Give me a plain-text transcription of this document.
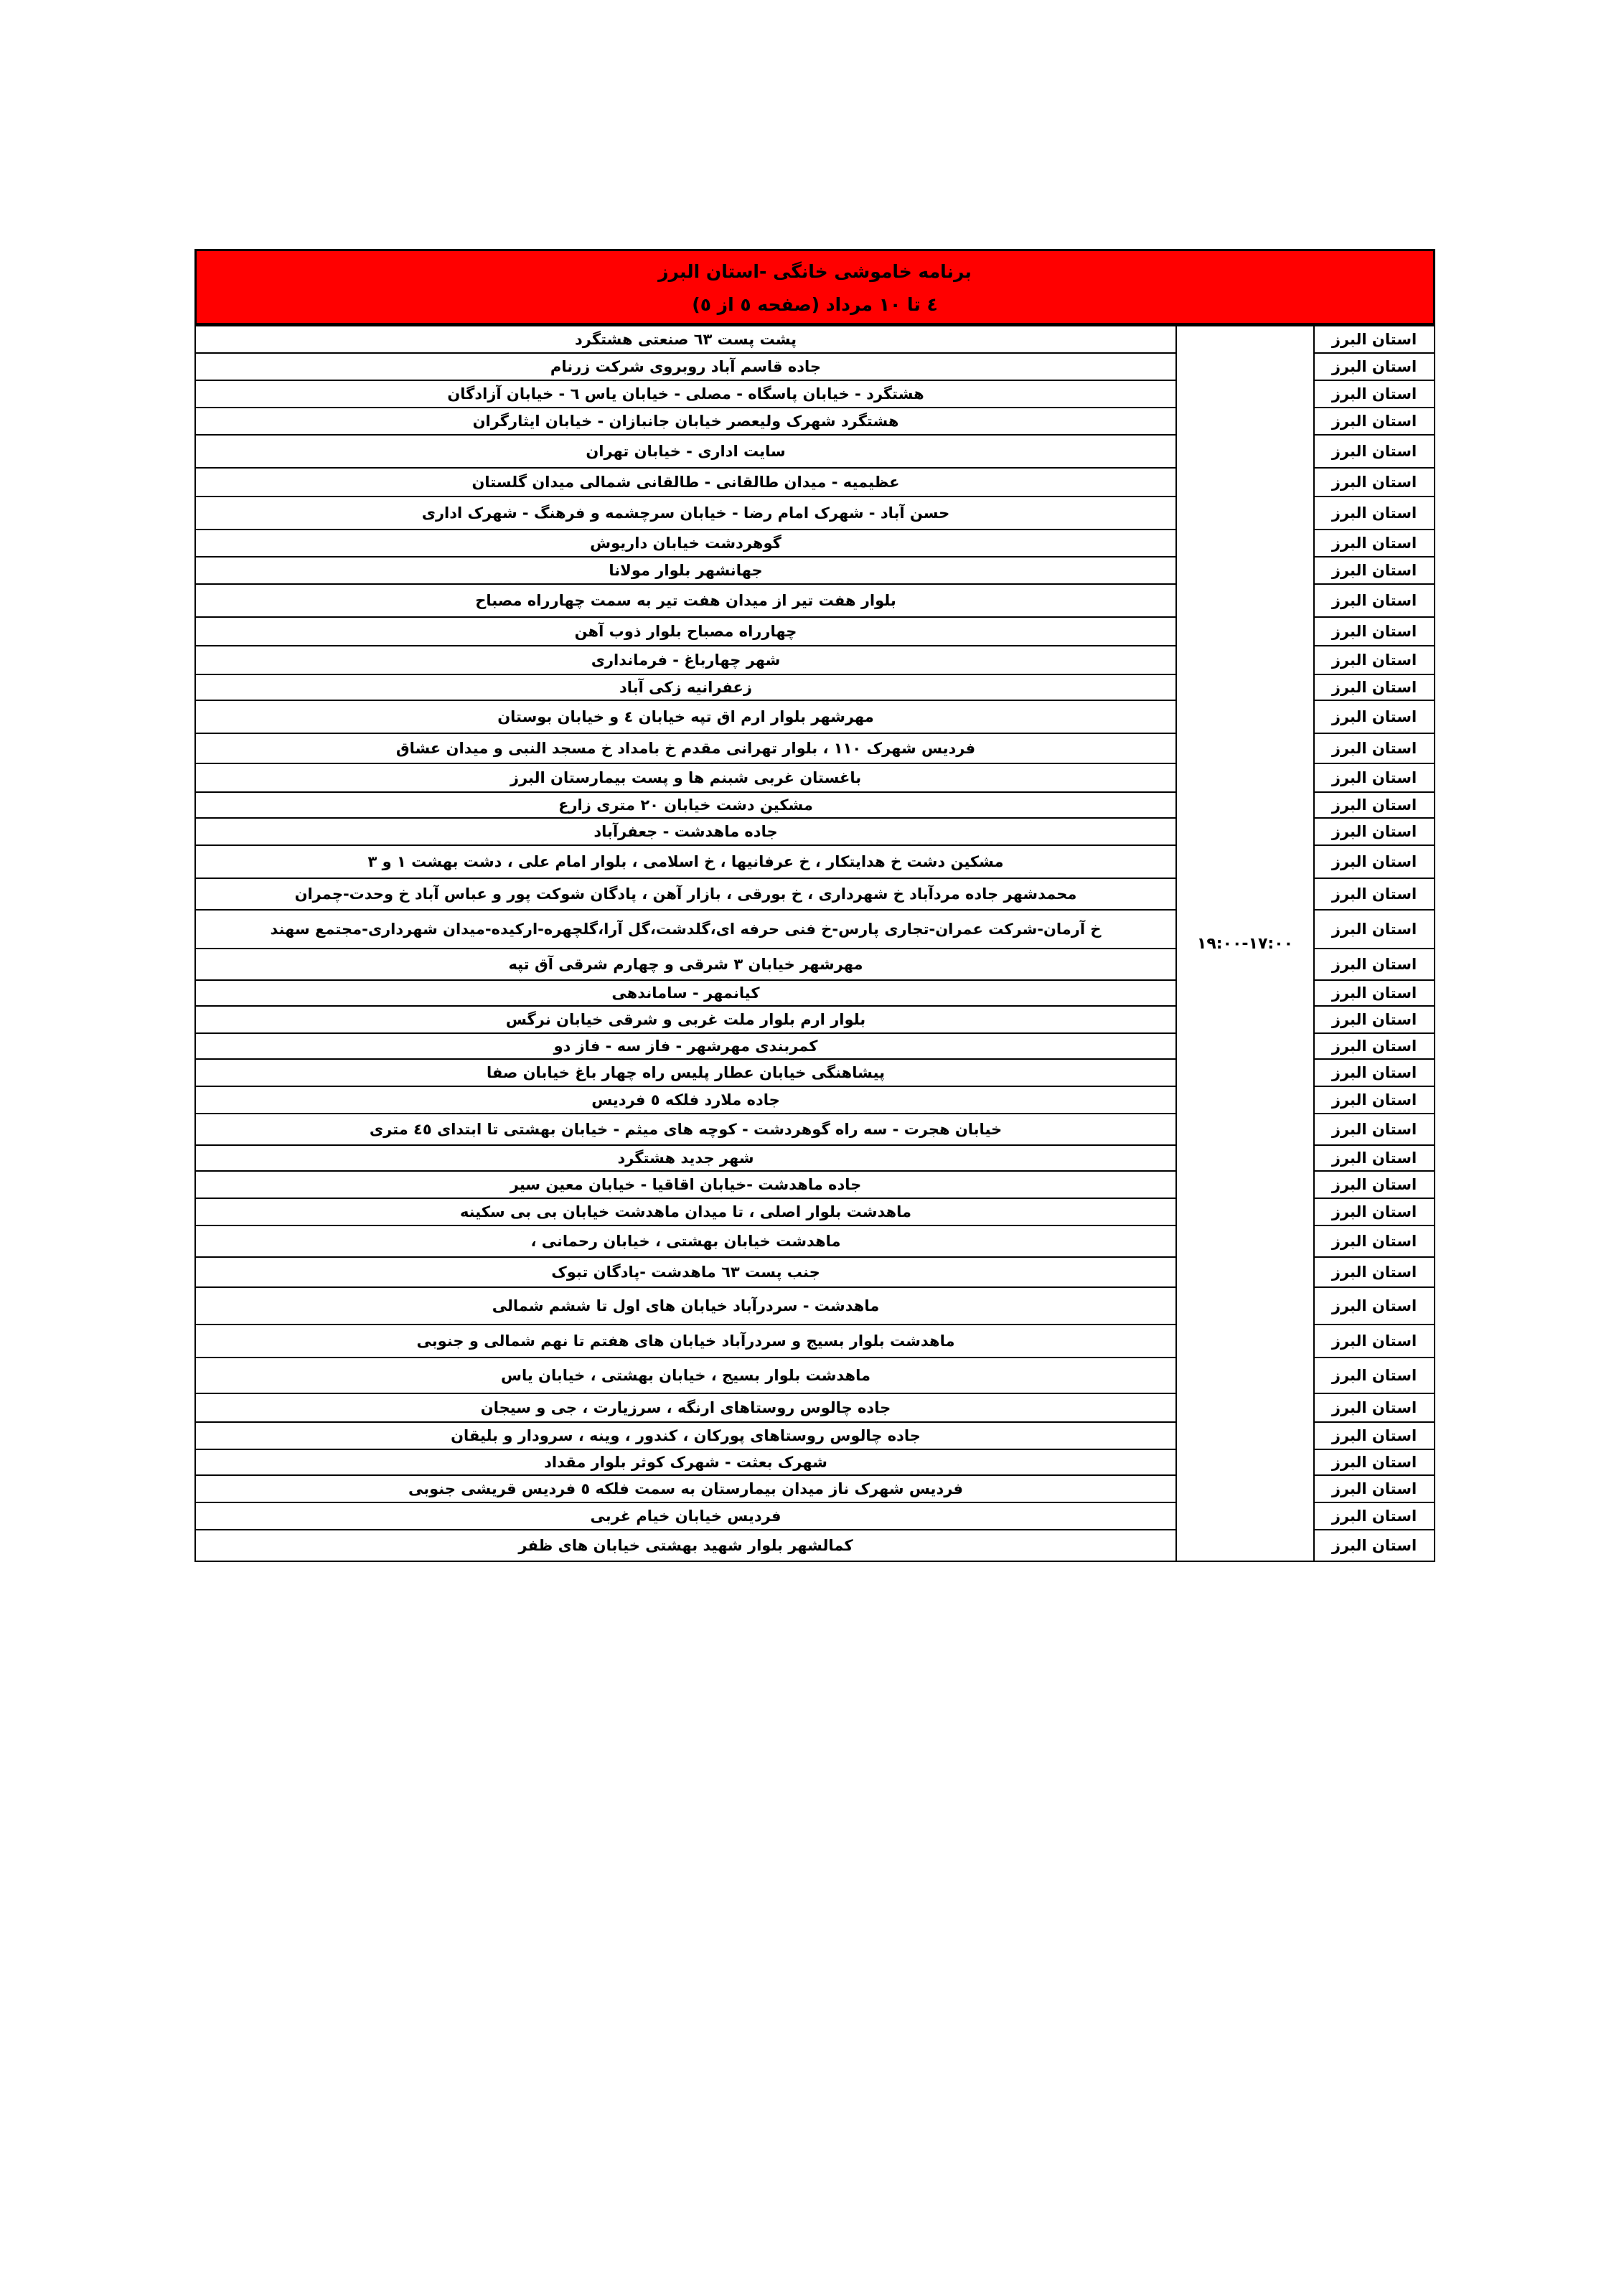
برنامه خاموشی خانگی -استان البرز
٤ تا ١٠ مرداد (صفحه ٥ از ٥)
استان البرز	١٧:٠٠-١٩:٠٠	پشت پست ٦٣ صنعتی هشتگرد
استان البرز		جاده قاسم آباد روبروی شرکت زرنام
استان البرز		هشتگرد - خیابان پاسگاه - مصلی - خیابان یاس ٦ - خیابان آزادگان
استان البرز		هشتگرد شهرک ولیعصر خیابان جانبازان - خیابان ایثارگران
استان البرز		سایت اداری - خیابان تهران
استان البرز		عظیمیه - میدان طالقانی - طالقانی شمالی میدان گلستان
استان البرز		حسن آباد - شهرک امام رضا - خیابان سرچشمه و فرهنگ - شهرک اداری
استان البرز		گوهردشت خیابان داریوش
استان البرز		جهانشهر بلوار مولانا
استان البرز		بلوار هفت تیر از میدان هفت تیر به سمت چهارراه مصباح
استان البرز		چهارراه مصباح بلوار ذوب آهن
استان البرز		شهر چهارباغ - فرمانداری
استان البرز		زعفرانیه زکی آباد
استان البرز		مهرشهر بلوار ارم اق تپه خیابان ٤ و خیابان بوستان
استان البرز		فردیس شهرک ١١٠ ، بلوار تهرانی مقدم خ بامداد خ مسجد النبی و میدان عشاق
استان البرز		باغستان غربی شبنم ها و پست بیمارستان البرز
استان البرز		مشکین دشت خیابان ٢٠ متری زارع
استان البرز		جاده ماهدشت - جعفرآباد
استان البرز		مشکین دشت خ هدایتکار ، خ عرفانیها ، خ اسلامی ، بلوار امام علی ، دشت بهشت ١ و ٣
استان البرز		محمدشهر جاده مردآباد خ شهرداری ، خ بورقی ، بازار آهن ، پادگان شوکت پور و عباس آباد خ وحدت-چمران
استان البرز		خ آرمان-شرکت عمران-تجاری پارس-خ فنی حرفه ای،گلدشت،گل آرا،گلچهره-ارکیده-میدان شهرداری-مجتمع سهند
استان البرز		مهرشهر خیابان ٣ شرقی و چهارم شرقی آق تپه
استان البرز		کیانمهر - ساماندهی
استان البرز		بلوار ارم بلوار ملت غربی و شرقی خیابان نرگس
استان البرز		کمربندی مهرشهر - فاز سه - فاز دو
استان البرز		پیشاهنگی خیابان عطار پلیس راه چهار باغ خیابان صفا
استان البرز		جاده ملارد فلکه ٥ فردیس
استان البرز		خیابان هجرت - سه راه گوهردشت - کوچه های میثم - خیابان بهشتی تا ابتدای ٤٥ متری
استان البرز		شهر جدید هشتگرد
استان البرز		جاده ماهدشت -خیابان اقاقیا - خیابان معین سیر
استان البرز		ماهدشت بلوار اصلی ، تا میدان ماهدشت خیابان بی بی سکینه
استان البرز		ماهدشت خیابان بهشتی ، خیابان رحمانی ،
استان البرز		جنب پست ٦٣ ماهدشت -پادگان تبوک
استان البرز		ماهدشت - سردرآباد خیابان های اول تا ششم شمالی
استان البرز		ماهدشت بلوار بسیج و سردرآباد خیابان های هفتم تا نهم شمالی و جنوبی
استان البرز		ماهدشت بلوار بسیج ، خیابان بهشتی ، خیابان یاس
استان البرز		جاده چالوس روستاهای ارنگه ، سرزیارت ، جی و سیجان
استان البرز		جاده چالوس روستاهای پورکان ، کندور ، وینه ، سرودار و بلیقان
استان البرز		شهرک بعثت - شهرک کوثر بلوار مقداد
استان البرز		فردیس شهرک ناز میدان بیمارستان به سمت فلکه ٥ فردیس قریشی جنوبی
استان البرز		فردیس خیابان خیام غربی
استان البرز		کمالشهر بلوار شهید بهشتی خیابان های ظفر
